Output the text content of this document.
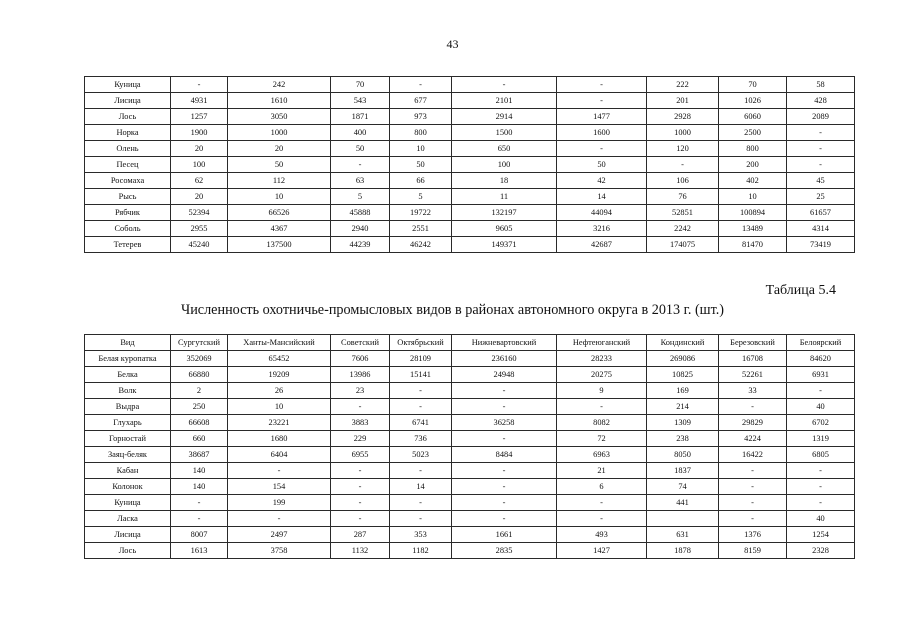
43
Куница	-	242	70	-	-	-	222	70	58
Лисица	4931	1610	543	677	2101	-	201	1026	428
Лось	1257	3050	1871	973	2914	1477	2928	6060	2089
Норка	1900	1000	400	800	1500	1600	1000	2500	-
Олень	20	20	50	10	650	-	120	800	-
Песец	100	50	-	50	100	50	-	200	-
Росомаха	62	112	63	66	18	42	106	402	45
Рысь	20	10	5	5	11	14	76	10	25
Рябчик	52394	66526	45888	19722	132197	44094	52851	100894	61657
Соболь	2955	4367	2940	2551	9605	3216	2242	13489	4314
Тетерев	45240	137500	44239	46242	149371	42687	174075	81470	73419
Таблица 5.4
Численность охотничье-промысловых видов в районах автономного округа в 2013 г. (шт.)
Вид	Сургутский	Ханты-Мансийский	Советский	Октябрьский	Нижневартовский	Нефтеюганский	Кондинский	Березовский	Белоярский
Белая куропатка	352069	65452	7606	28109	236160	28233	269086	16708	84620
Белка	66880	19209	13986	15141	24948	20275	10825	52261	6931
Волк	2	26	23	-	-	9	169	33	-
Выдра	250	10	-	-	-	-	214	-	40
Глухарь	66608	23221	3883	6741	36258	8082	1309	29829	6702
Горностай	660	1680	229	736	-	72	238	4224	1319
Заяц-беляк	38687	6404	6955	5023	8484	6963	8050	16422	6805
Кабан	140	-	-	-	-	21	1837	-	-
Колонок	140	154	-	14	-	6	74	-	-
Куница	-	199	-	-	-	-	441	-	-
Ласка	-	-	-	-	-	-		-	40
Лисица	8007	2497	287	353	1661	493	631	1376	1254
Лось	1613	3758	1132	1182	2835	1427	1878	8159	2328
